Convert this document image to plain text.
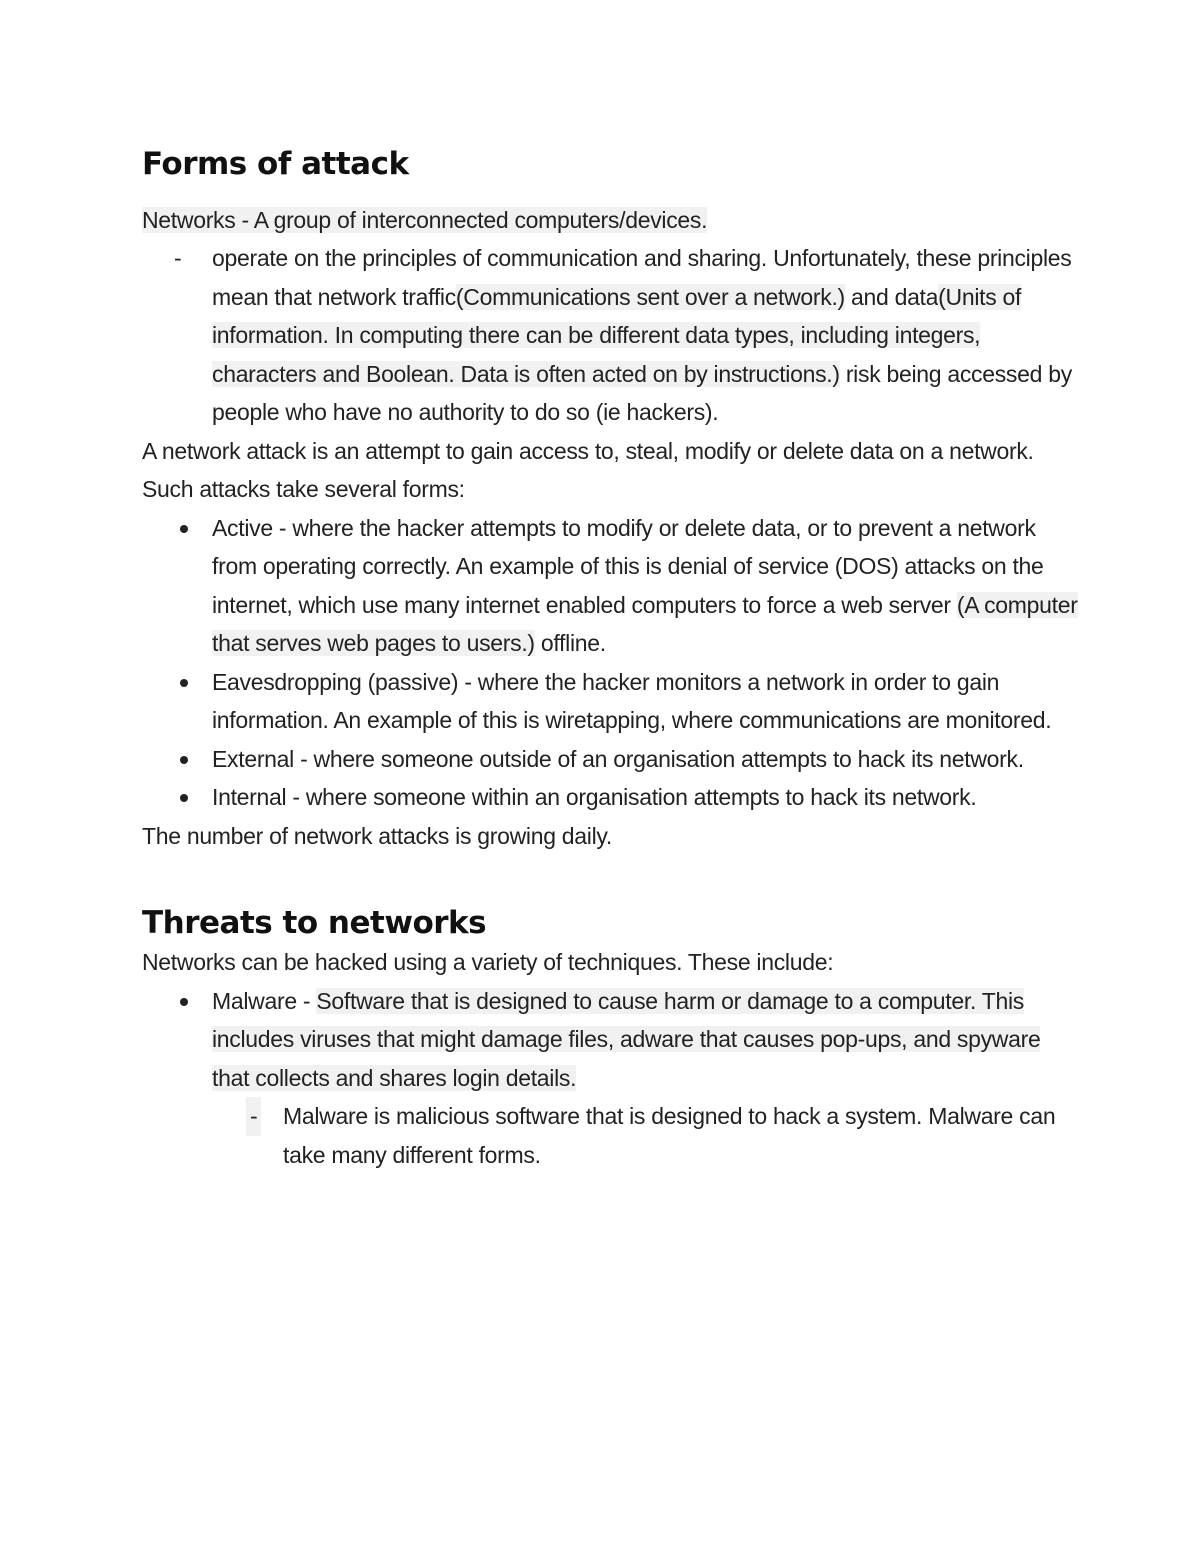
Forms of attack

Networks - A group of interconnected computers/devices.

- operate on the principles of communication and sharing. Unfortunately, these principles mean that network traffic(Communications sent over a network.) and data(Units of information. In computing there can be different data types, including integers, characters and Boolean. Data is often acted on by instructions.) risk being accessed by people who have no authority to do so (ie hackers).

A network attack is an attempt to gain access to, steal, modify or delete data on a network. Such attacks take several forms:

Active - where the hacker attempts to modify or delete data, or to prevent a network from operating correctly. An example of this is denial of service (DOS) attacks on the internet, which use many internet enabled computers to force a web server (A computer that serves web pages to users.) offline.
Eavesdropping (passive) - where the hacker monitors a network in order to gain information. An example of this is wiretapping, where communications are monitored.
External - where someone outside of an organisation attempts to hack its network.
Internal - where someone within an organisation attempts to hack its network.

The number of network attacks is growing daily.

Threats to networks

Networks can be hacked using a variety of techniques. These include:

Malware - Software that is designed to cause harm or damage to a computer. This includes viruses that might damage files, adware that causes pop-ups, and spyware that collects and shares login details.
- Malware is malicious software that is designed to hack a system. Malware can take many different forms.
